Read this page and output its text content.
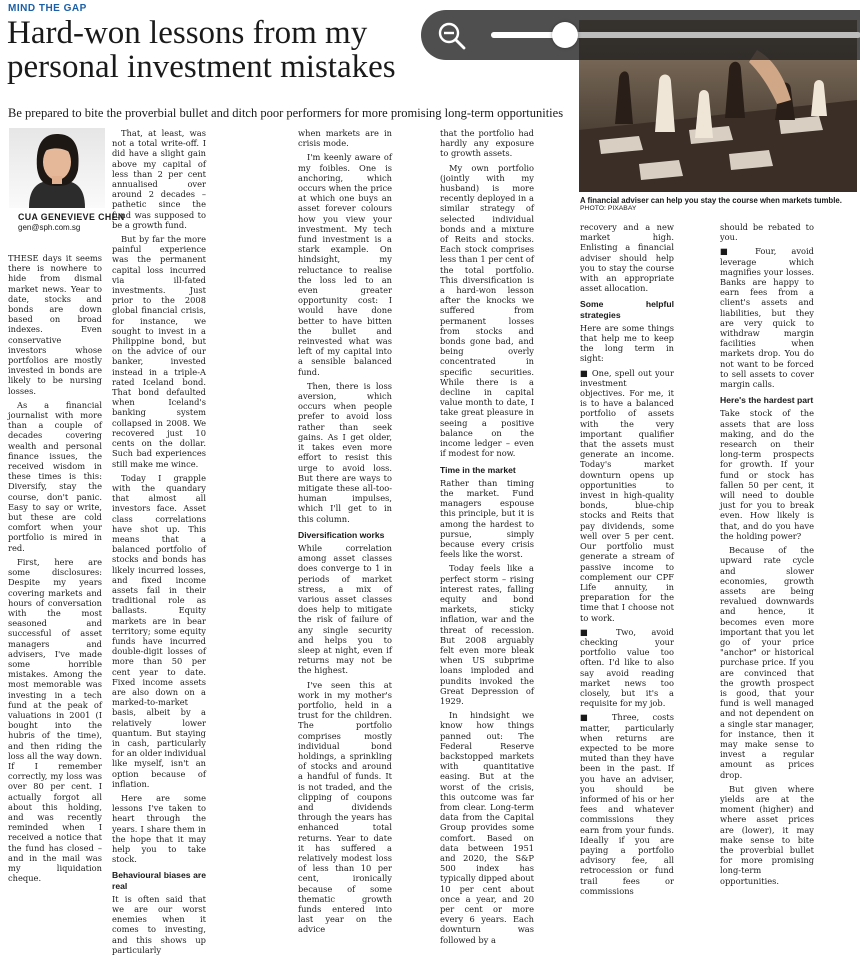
MIND THE GAP
Hard-won lessons from my
personal investment mistakes
Be prepared to bite the proverbial bullet and ditch poor performers for more promising long-term opportunities
CUA GENEVIEVE CHEN
gen@sph.com.sg

THESE days it seems there is nowhere to hide from dismal market news. Year to date, stocks and bonds are down based on broad indexes. Even conservative investors whose portfolios are mostly invested in bonds are likely to be nursing losses.

As a financial journalist with more than a couple of decades covering wealth and personal finance issues, the received wisdom in these times is this: Diversify, stay the course, don't panic. Easy to say or write, but these are cold comfort when your portfolio is mired in red.

First, here are some disclosures: Despite my years covering markets and hours of conversation with the most seasoned and successful of asset managers and advisers, I've made some horrible mistakes. Among the most memorable was investing in a tech fund at the peak of valuations in 2001 (I bought into the hubris of the time), and then riding the loss all the way down. If I remember correctly, my loss was over 80 per cent. I actually forgot all about this holding, and was recently reminded when I received a notice that the fund has closed – and in the mail was my liquidation cheque.

That, at least, was not a total write-off. I did have a slight gain above my capital of less than 2 per cent annualised over around 2 decades – pathetic since the fund was supposed to be a growth fund.

But by far the more painful experience was the permanent capital loss incurred via ill-fated investments. Just prior to the 2008 global financial crisis, for instance, we sought to invest in a Philippine bond, but on the advice of our banker, invested instead in a triple-A rated Iceland bond. That bond defaulted when Iceland's banking system collapsed in 2008. We recovered just 10 cents on the dollar. Such bad experiences still make me wince.

Today I grapple with the quandary that almost all investors face. Asset class correlations have shot up. This means that a balanced portfolio of stocks and bonds has likely incurred losses, and fixed income assets fail in their traditional role as ballasts. Equity markets are in bear territory; some equity funds have incurred double-digit losses of more than 50 per cent year to date. Fixed income assets are also down on a marked-to-market basis, albeit by a relatively lower quantum. But staying in cash, particularly for an older individual like myself, isn't an option because of inflation.

Here are some lessons I've taken to heart through the years. I share them in the hope that it may help you to take stock.

Behavioural biases are real

It is often said that we are our worst enemies when it comes to investing, and this shows up particularly

when markets are in crisis mode.

I'm keenly aware of my foibles. One is anchoring, which occurs when the price at which one buys an asset forever colours how you view your investment. My tech fund investment is a stark example. On hindsight, my reluctance to realise the loss led to an even greater opportunity cost: I would have done better to have bitten the bullet and reinvested what was left of my capital into a sensible balanced fund.

Then, there is loss aversion, which occurs when people prefer to avoid loss rather than seek gains. As I get older, it takes even more effort to resist this urge to avoid loss. But there are ways to mitigate these all-too-human impulses, which I'll get to in this column.

Diversification works

While correlation among asset classes does converge to 1 in periods of market stress, a mix of various asset classes does help to mitigate the risk of failure of any single security and helps you to sleep at night, even if returns may not be the highest.

I've seen this at work in my mother's portfolio, held in a trust for the children. The portfolio comprises mostly individual bond holdings, a sprinkling of stocks and around a handful of funds. It is not traded, and the clipping of coupons and dividends through the years has enhanced total returns. Year to date it has suffered a relatively modest loss of less than 10 per cent, ironically because of some thematic growth funds entered into last year on the advice

that the portfolio had hardly any exposure to growth assets.

My own portfolio (jointly with my husband) is more recently deployed in a similar strategy of selected individual bonds and a mixture of Reits and stocks. Each stock comprises less than 1 per cent of the total portfolio. This diversification is a hard-won lesson after the knocks we suffered from permanent losses from stocks and bonds gone bad, and being overly concentrated in specific securities. While there is a decline in capital value month to date, I take great pleasure in seeing a positive balance on the income ledger – even if modest for now.

Time in the market

Rather than timing the market. Fund managers espouse this principle, but it is among the hardest to pursue, simply because every crisis feels like the worst.

Today feels like a perfect storm – rising interest rates, falling equity and bond markets, sticky inflation, war and the threat of recession. But 2008 arguably felt even more bleak when US subprime loans imploded and pundits invoked the Great Depression of 1929.

In hindsight we know how things panned out: The Federal Reserve backstopped markets with quantitative easing. But at the worst of the crisis, this outcome was far from clear. Long-term data from the Capital Group provides some comfort. Based on data between 1951 and 2020, the S&P 500 index has typically dipped about 10 per cent about once a year, and 20 per cent or more every 6 years. Each downturn was followed by a

recovery and a new market high. Enlisting a financial adviser should help you to stay the course with an appropriate asset allocation.

Some helpful strategies

Here are some things that help me to keep the long term in sight:

■ One, spell out your investment objectives. For me, it is to have a balanced portfolio of assets with the very important qualifier that the assets must generate an income. Today's market downturn opens up opportunities to invest in high-quality bonds, blue-chip stocks and Reits that pay dividends, some well over 5 per cent. Our portfolio must generate a stream of passive income to complement our CPF Life annuity, in preparation for the time that I choose not to work.

■ Two, avoid checking your portfolio value too often. I'd like to also say avoid reading market news too closely, but it's a requisite for my job.

■ Three, costs matter, particularly when returns are expected to be more muted than they have been in the past. If you have an adviser, you should be informed of his or her fees and whatever commissions they earn from your funds. Ideally if you are paying a portfolio advisory fee, all retrocession or fund trail fees or commissions

should be rebated to you.

■ Four, avoid leverage which magnifies your losses. Banks are happy to earn fees from a client's assets and liabilities, but they are very quick to withdraw margin facilities when markets drop. You do not want to be forced to sell assets to cover margin calls.

Here's the hardest part

Take stock of the assets that are loss making, and do the research on their long-term prospects for growth. If your fund or stock has fallen 50 per cent, it will need to double just for you to break even. How likely is that, and do you have the holding power?

Because of the upward rate cycle and slower economies, growth assets are being revalued downwards and hence, it becomes even more important that you let go of your price "anchor" or historical purchase price. If you are convinced that the growth prospect is good, that your fund is well managed and not dependent on a single star manager, for instance, then it may make sense to invest a regular amount as prices drop.

But given where yields are at the moment (higher) and where asset prices are (lower), it may make sense to bite the proverbial bullet for more promising long-term opportunities.

A financial adviser can help you stay the course when markets tumble.
PHOTO: PIXABAY
